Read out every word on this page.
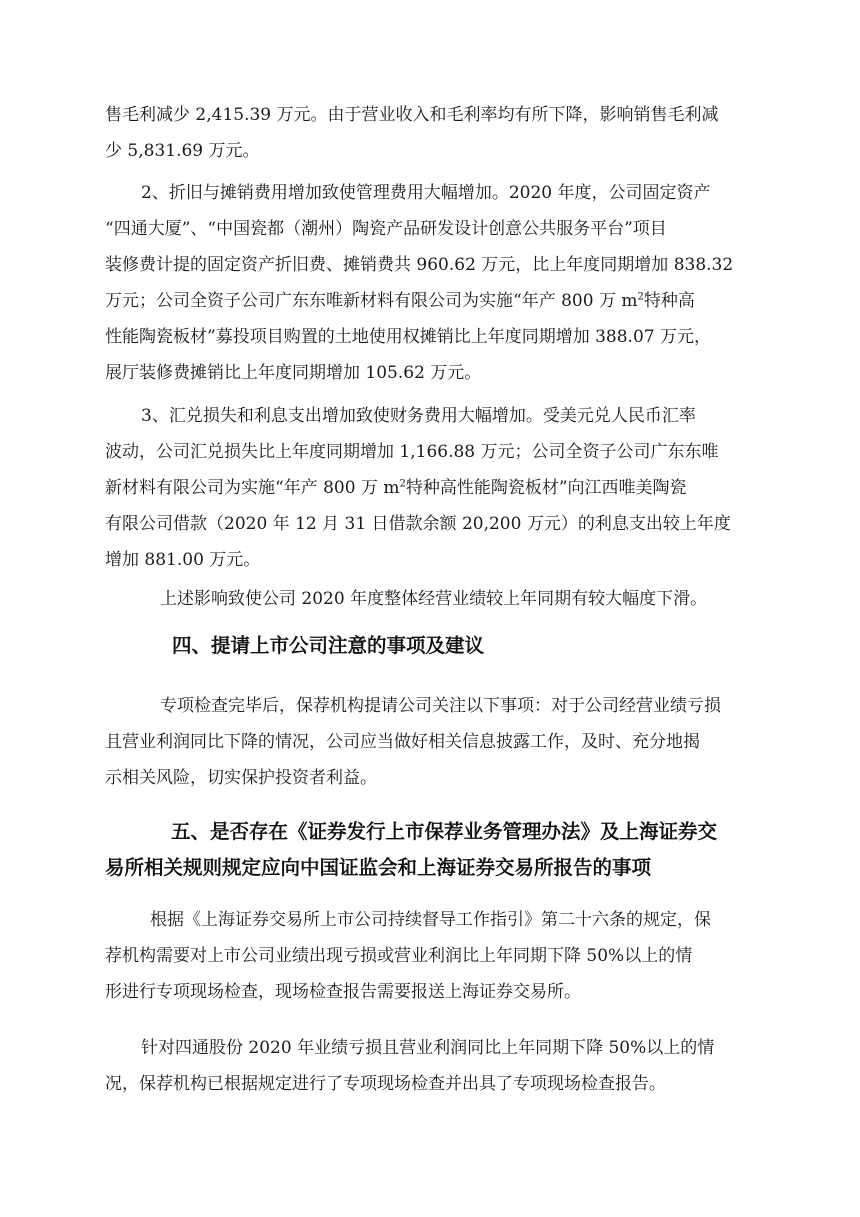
售毛利减少 2,415.39 万元。由于营业收入和毛利率均有所下降，影响销售毛利减
少 5,831.69 万元。

2、折旧与摊销费用增加致使管理费用大幅增加。2020 年度，公司固定资产
“四通大厦”、“中国瓷都（潮州）陶瓷产品研发设计创意公共服务平台”项目
装修费计提的固定资产折旧费、摊销费共 960.62 万元，比上年度同期增加 838.32
万元；公司全资子公司广东东唯新材料有限公司为实施“年产 800 万 $m^2$特种高
性能陶瓷板材”募投项目购置的土地使用权摊销比上年度同期增加 388.07 万元，
展厅装修费摊销比上年度同期增加 105.62 万元。

3、汇兑损失和利息支出增加致使财务费用大幅增加。受美元兑人民币汇率
波动，公司汇兑损失比上年度同期增加 1,166.88 万元；公司全资子公司广东东唯
新材料有限公司为实施“年产 800 万 $m^2$特种高性能陶瓷板材”向江西唯美陶瓷
有限公司借款（2020 年 12 月 31 日借款余额 20,200 万元）的利息支出较上年度
增加 881.00 万元。

上述影响致使公司 2020 年度整体经营业绩较上年同期有较大幅度下滑。

四、提请上市公司注意的事项及建议

专项检查完毕后，保荐机构提请公司关注以下事项：对于公司经营业绩亏损
且营业利润同比下降的情况，公司应当做好相关信息披露工作，及时、充分地揭
示相关风险，切实保护投资者利益。

五、是否存在《证券发行上市保荐业务管理办法》及上海证券交
易所相关规则规定应向中国证监会和上海证券交易所报告的事项

根据《上海证券交易所上市公司持续督导工作指引》第二十六条的规定，保
荐机构需要对上市公司业绩出现亏损或营业利润比上年同期下降 50%以上的情
形进行专项现场检查，现场检查报告需要报送上海证券交易所。

针对四通股份 2020 年业绩亏损且营业利润同比上年同期下降 50%以上的情
况，保荐机构已根据规定进行了专项现场检查并出具了专项现场检查报告。
